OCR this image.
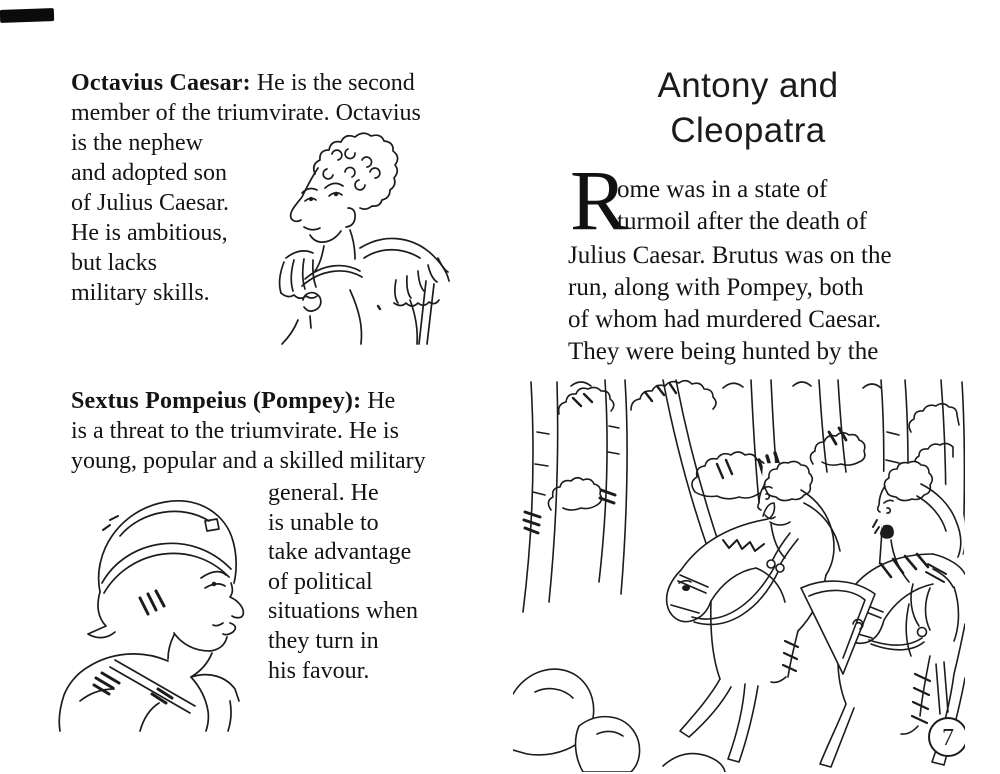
Octavius Caesar: He is the second
member of the triumvirate. Octavius
is the nephew
and adopted son
of Julius Caesar.
He is ambitious,
but lacks
military skills.
Sextus Pompeius (Pompey): He
is a threat to the triumvirate. He is
young, popular and a skilled military
general. He
is unable to
take advantage
of political
situations when
they turn in
his favour.
Antony and
Cleopatra
R
ome was in a state of
turmoil after the death of
Julius Caesar. Brutus was on the
run, along with Pompey, both
of whom had murdered Caesar.
They were being hunted by the
7
